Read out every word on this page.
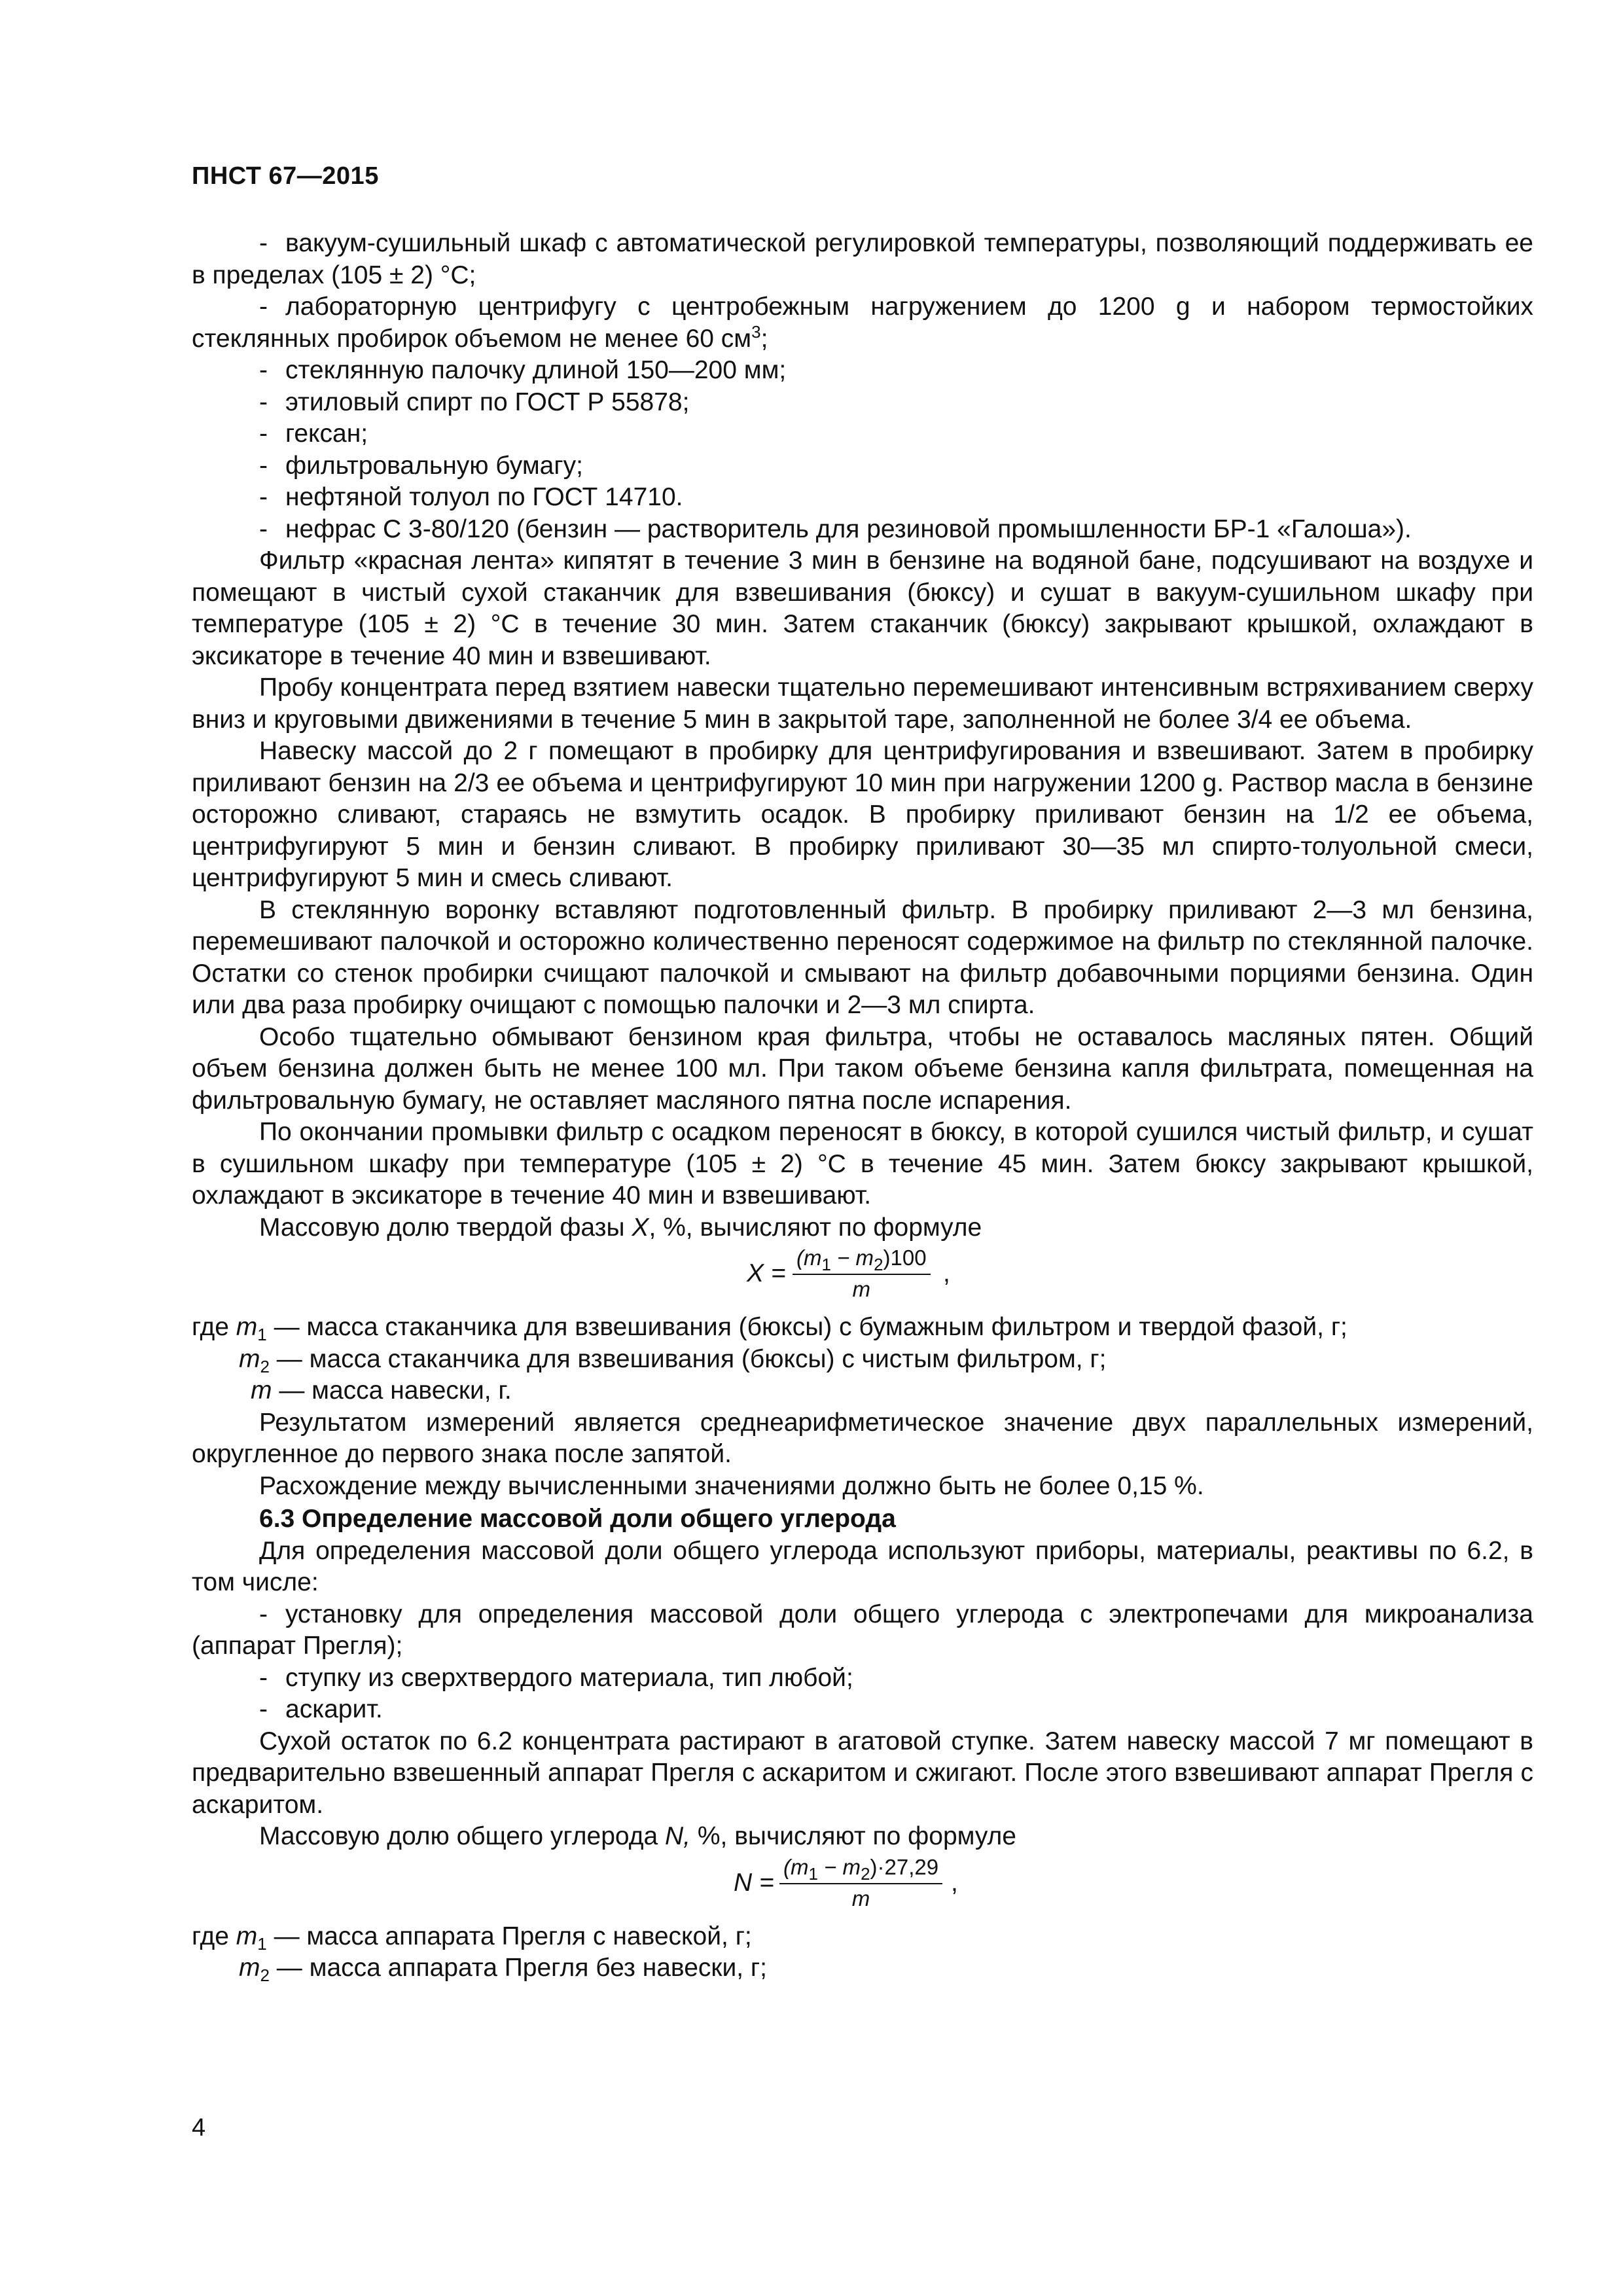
ПНСТ 67—2015

- вакуум-сушильный шкаф с автоматической регулировкой температуры, позволяющий поддерживать ее в пределах (105 ± 2) °С;

- лабораторную центрифугу с центробежным нагружением до 1200 g и набором термостойких стеклянных пробирок объемом не менее 60 $см^3$;

- стеклянную палочку длиной 150—200 мм;

- этиловый спирт по ГОСТ Р 55878;

- гексан;

- фильтровальную бумагу;

- нефтяной толуол по ГОСТ 14710.

- нефрас С 3-80/120 (бензин — растворитель для резиновой промышленности БР-1 «Галоша»).

Фильтр «красная лента» кипятят в течение 3 мин в бензине на водяной бане, подсушивают на воздухе и помещают в чистый сухой стаканчик для взвешивания (бюксу) и сушат в вакуум-сушильном шкафу при температуре (105 ± 2) °С в течение 30 мин. Затем стаканчик (бюксу) закрывают крышкой, охлаждают в эксикаторе в течение 40 мин и взвешивают.

Пробу концентрата перед взятием навески тщательно перемешивают интенсивным встряхиванием сверху вниз и круговыми движениями в течение 5 мин в закрытой таре, заполненной не более 3/4 ее объема.

Навеску массой до 2 г помещают в пробирку для центрифугирования и взвешивают. Затем в пробирку приливают бензин на 2/3 ее объема и центрифугируют 10 мин при нагружении 1200 g. Раствор масла в бензине осторожно сливают, стараясь не взмутить осадок. В пробирку приливают бензин на 1/2 ее объема, центрифугируют 5 мин и бензин сливают. В пробирку приливают 30—35 мл спирто-толуольной смеси, центрифугируют 5 мин и смесь сливают.

В стеклянную воронку вставляют подготовленный фильтр. В пробирку приливают 2—3 мл бензина, перемешивают палочкой и осторожно количественно переносят содержимое на фильтр по стеклянной палочке. Остатки со стенок пробирки счищают палочкой и смывают на фильтр добавочными порциями бензина. Один или два раза пробирку очищают с помощью палочки и 2—3 мл спирта.

Особо тщательно обмывают бензином края фильтра, чтобы не оставалось масляных пятен. Общий объем бензина должен быть не менее 100 мл. При таком объеме бензина капля фильтрата, помещенная на фильтровальную бумагу, не оставляет масляного пятна после испарения.

По окончании промывки фильтр с осадком переносят в бюксу, в которой сушился чистый фильтр, и сушат в сушильном шкафу при температуре (105 ± 2) °С в течение 45 мин. Затем бюксу закрывают крышкой, охлаждают в эксикаторе в течение 40 мин и взвешивают.

Массовую долю твердой фазы X, %, вычисляют по формуле

$X = \frac{(m_1 - m_2)100}{m}$ ,

где $m_1$ — масса стаканчика для взвешивания (бюксы) с бумажным фильтром и твердой фазой, г;

$m_2$ — масса стаканчика для взвешивания (бюксы) с чистым фильтром, г;

m — масса навески, г.

Результатом измерений является среднеарифметическое значение двух параллельных измерений, округленное до первого знака после запятой.

Расхождение между вычисленными значениями должно быть не более 0,15 %.

6.3 Определение массовой доли общего углерода

Для определения массовой доли общего углерода используют приборы, материалы, реактивы по 6.2, в том числе:

- установку для определения массовой доли общего углерода с электропечами для микроанализа (аппарат Прегля);

- ступку из сверхтвердого материала, тип любой;

- аскарит.

Сухой остаток по 6.2 концентрата растирают в агатовой ступке. Затем навеску массой 7 мг помещают в предварительно взвешенный аппарат Прегля с аскаритом и сжигают. После этого взвешивают аппарат Прегля с аскаритом.

Массовую долю общего углерода N, %, вычисляют по формуле

$N = \frac{(m_1 - m_2)\cdot 27,29}{m}$ ,

где $m_1$ — масса аппарата Прегля с навеской, г;

$m_2$ — масса аппарата Прегля без навески, г;

4
